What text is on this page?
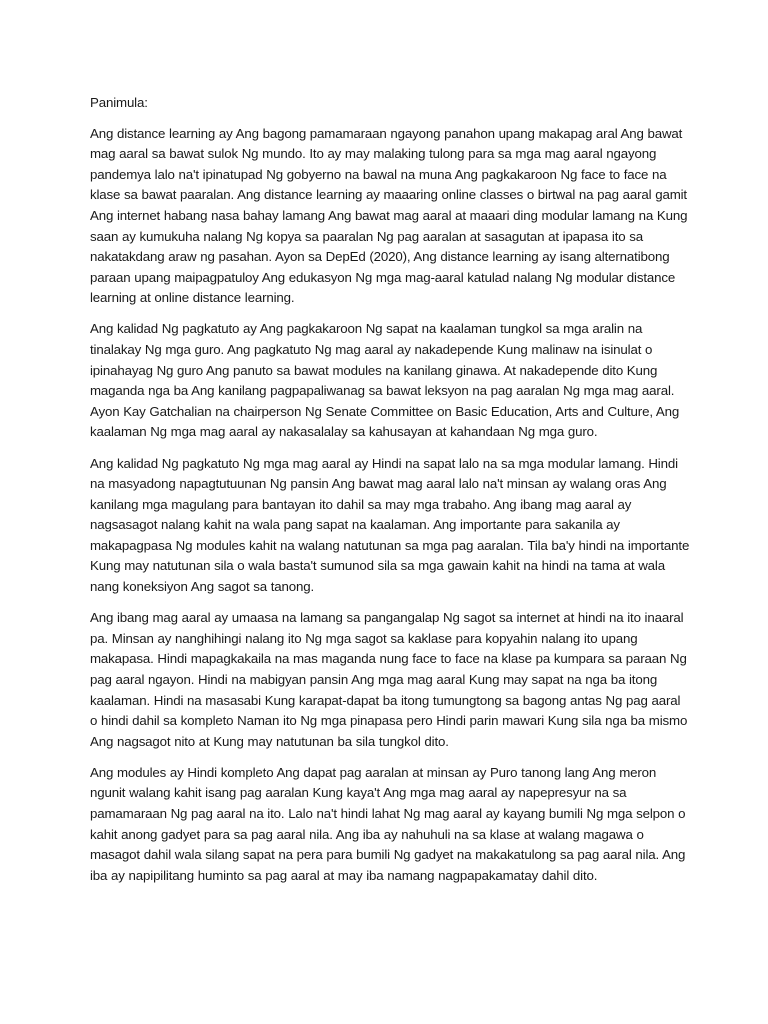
Panimula:

Ang distance learning ay Ang bagong pamamaraan ngayong panahon upang makapag aral Ang bawat mag aaral sa bawat sulok Ng mundo. Ito ay may malaking tulong para sa mga mag aaral ngayong pandemya lalo na't ipinatupad Ng gobyerno na bawal na muna Ang pagkakaroon Ng face to face na klase sa bawat paaralan. Ang distance learning ay maaaring online classes o birtwal na pag aaral gamit Ang internet habang nasa bahay lamang Ang bawat mag aaral at maaari ding modular lamang na Kung saan ay kumukuha nalang Ng kopya sa paaralan Ng pag aaralan at sasagutan at ipapasa ito sa nakatakdang araw ng pasahan. Ayon sa DepEd (2020), Ang distance learning ay isang alternatibong paraan upang maipagpatuloy Ang edukasyon Ng mga mag-aaral katulad nalang Ng modular distance learning at online distance learning.

Ang kalidad Ng pagkatuto ay Ang pagkakaroon Ng sapat na kaalaman tungkol sa mga aralin na tinalakay Ng mga guro. Ang pagkatuto Ng mag aaral ay nakadepende Kung malinaw na isinulat o ipinahayag Ng guro Ang panuto sa bawat modules na kanilang ginawa. At nakadepende dito Kung maganda nga ba Ang kanilang pagpapaliwanag sa bawat leksyon na pag aaralan Ng mga mag aaral. Ayon Kay Gatchalian na chairperson Ng Senate Committee on Basic Education, Arts and Culture, Ang kaalaman Ng mga mag aaral ay nakasalalay sa kahusayan at kahandaan Ng mga guro.

Ang kalidad Ng pagkatuto Ng mga mag aaral ay Hindi na sapat lalo na sa mga modular lamang. Hindi na masyadong napagtutuunan Ng pansin Ang bawat mag aaral lalo na't minsan ay walang oras Ang kanilang mga magulang para bantayan ito dahil sa may mga trabaho. Ang ibang mag aaral ay nagsasagot nalang kahit na wala pang sapat na kaalaman. Ang importante para sakanila ay makapagpasa Ng modules kahit na walang natutunan sa mga pag aaralan. Tila ba'y hindi na importante Kung may natutunan sila o wala basta't sumunod sila sa mga gawain kahit na hindi na tama at wala nang koneksiyon Ang sagot sa tanong.

Ang ibang mag aaral ay umaasa na lamang sa pangangalap Ng sagot sa internet at hindi na ito inaaral pa. Minsan ay nanghihingi nalang ito Ng mga sagot sa kaklase para kopyahin nalang ito upang makapasa. Hindi mapagkakaila na mas maganda nung face to face na klase pa kumpara sa paraan Ng pag aaral ngayon. Hindi na mabigyan pansin Ang mga mag aaral Kung may sapat na nga ba itong kaalaman. Hindi na masasabi Kung karapat-dapat ba itong tumungtong sa bagong antas Ng pag aaral o hindi dahil sa kompleto Naman ito Ng mga pinapasa pero Hindi parin mawari Kung sila nga ba mismo Ang nagsagot nito at Kung may natutunan ba sila tungkol dito.

Ang modules ay Hindi kompleto Ang dapat pag aaralan at minsan ay Puro tanong lang Ang meron ngunit walang kahit isang pag aaralan Kung kaya't Ang mga mag aaral ay napepresyur na sa pamamaraan Ng pag aaral na ito. Lalo na't hindi lahat Ng mag aaral ay kayang bumili Ng mga selpon o kahit anong gadyet para sa pag aaral nila. Ang iba ay nahuhuli na sa klase at walang magawa o masagot dahil wala silang sapat na pera para bumili Ng gadyet na makakatulong sa pag aaral nila. Ang iba ay napipilitang huminto sa pag aaral at may iba namang nagpapakamatay dahil dito.
